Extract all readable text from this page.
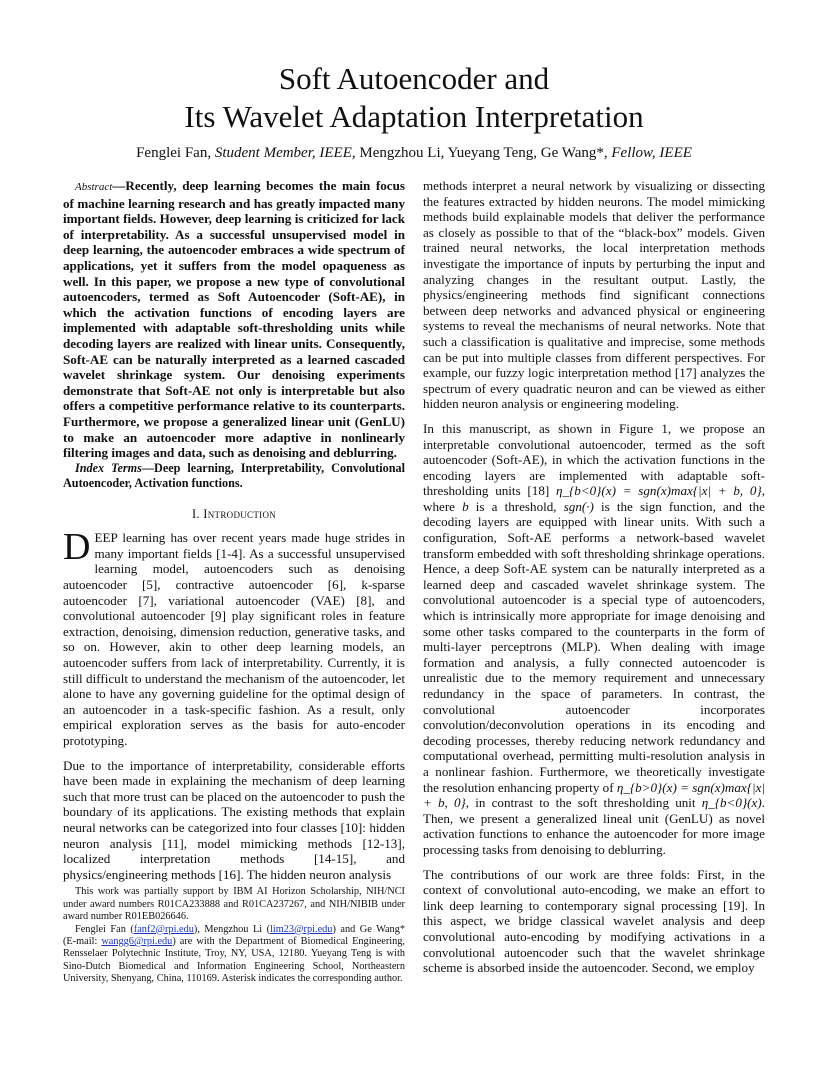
Soft Autoencoder and
Its Wavelet Adaptation Interpretation
Fenglei Fan, Student Member, IEEE, Mengzhou Li, Yueyang Teng, Ge Wang*, Fellow, IEEE

Abstract—Recently, deep learning becomes the main focus of machine learning research and has greatly impacted many important fields. However, deep learning is criticized for lack of interpretability. As a successful unsupervised model in deep learning, the autoencoder embraces a wide spectrum of applications, yet it suffers from the model opaqueness as well. In this paper, we propose a new type of convolutional autoencoders, termed as Soft Autoencoder (Soft-AE), in which the activation functions of encoding layers are implemented with adaptable soft-thresholding units while decoding layers are realized with linear units. Consequently, Soft-AE can be naturally interpreted as a learned cascaded wavelet shrinkage system. Our denoising experiments demonstrate that Soft-AE not only is interpretable but also offers a competitive performance relative to its counterparts. Furthermore, we propose a generalized linear unit (GenLU) to make an autoencoder more adaptive in nonlinearly filtering images and data, such as denoising and deblurring.

Index Terms—Deep learning, Interpretability, Convolutional Autoencoder, Activation functions.

I. Introduction

DEEP learning has over recent years made huge strides in many important fields [1-4]. As a successful unsupervised learning model, autoencoders such as denoising autoencoder [5], contractive autoencoder [6], k-sparse autoencoder [7], variational autoencoder (VAE) [8], and convolutional autoencoder [9] play significant roles in feature extraction, denoising, dimension reduction, generative tasks, and so on. However, akin to other deep learning models, an autoencoder suffers from lack of interpretability. Currently, it is still difficult to understand the mechanism of the autoencoder, let alone to have any governing guideline for the optimal design of an autoencoder in a task-specific fashion. As a result, only empirical exploration serves as the basis for auto-encoder prototyping.

Due to the importance of interpretability, considerable efforts have been made in explaining the mechanism of deep learning such that more trust can be placed on the autoencoder to push the boundary of its applications. The existing methods that explain neural networks can be categorized into four classes [10]: hidden neuron analysis [11], model mimicking methods [12-13], localized interpretation methods [14-15], and physics/engineering methods [16]. The hidden neuron analysis

This work was partially support by IBM AI Horizon Scholarship, NIH/NCI under award numbers R01CA233888 and R01CA237267, and NIH/NIBIB under award number R01EB026646.

Fenglei Fan (fanf2@rpi.edu), Mengzhou Li (lim23@rpi.edu) and Ge Wang* (E-mail: wangg6@rpi.edu) are with the Department of Biomedical Engineering, Rensselaer Polytechnic Institute, Troy, NY, USA, 12180. Yueyang Teng is with Sino-Dutch Biomedical and Information Engineering School, Northeastern University, Shenyang, China, 110169. Asterisk indicates the corresponding author.

methods interpret a neural network by visualizing or dissecting the features extracted by hidden neurons. The model mimicking methods build explainable models that deliver the performance as closely as possible to that of the “black-box” models. Given trained neural networks, the local interpretation methods investigate the importance of inputs by perturbing the input and analyzing changes in the resultant output. Lastly, the physics/engineering methods find significant connections between deep networks and advanced physical or engineering systems to reveal the mechanisms of neural networks. Note that such a classification is qualitative and imprecise, some methods can be put into multiple classes from different perspectives. For example, our fuzzy logic interpretation method [17] analyzes the spectrum of every quadratic neuron and can be viewed as either hidden neuron analysis or engineering modeling.

In this manuscript, as shown in Figure 1, we propose an interpretable convolutional autoencoder, termed as the soft autoencoder (Soft-AE), in which the activation functions in the encoding layers are implemented with adaptable soft-thresholding units [18] η_{b<0}(x) = sgn(x)max{|x| + b, 0}, where b is a threshold, sgn(·) is the sign function, and the decoding layers are equipped with linear units. With such a configuration, Soft-AE performs a network-based wavelet transform embedded with soft thresholding shrinkage operations. Hence, a deep Soft-AE system can be naturally interpreted as a learned deep and cascaded wavelet shrinkage system. The convolutional autoencoder is a special type of autoencoders, which is intrinsically more appropriate for image denoising and some other tasks compared to the counterparts in the form of multi-layer perceptrons (MLP). When dealing with image formation and analysis, a fully connected autoencoder is unrealistic due to the memory requirement and unnecessary redundancy in the space of parameters. In contrast, the convolutional autoencoder incorporates convolution/deconvolution operations in its encoding and decoding processes, thereby reducing network redundancy and computational overhead, permitting multi-resolution analysis in a nonlinear fashion. Furthermore, we theoretically investigate the resolution enhancing property of η_{b>0}(x) = sgn(x)max{|x| + b, 0}, in contrast to the soft thresholding unit η_{b<0}(x). Then, we present a generalized lineal unit (GenLU) as novel activation functions to enhance the autoencoder for more image processing tasks from denoising to deblurring.

The contributions of our work are three folds: First, in the context of convolutional auto-encoding, we make an effort to link deep learning to contemporary signal processing [19]. In this aspect, we bridge classical wavelet analysis and deep convolutional auto-encoding by modifying activations in a convolutional autoencoder such that the wavelet shrinkage scheme is absorbed inside the autoencoder. Second, we employ
